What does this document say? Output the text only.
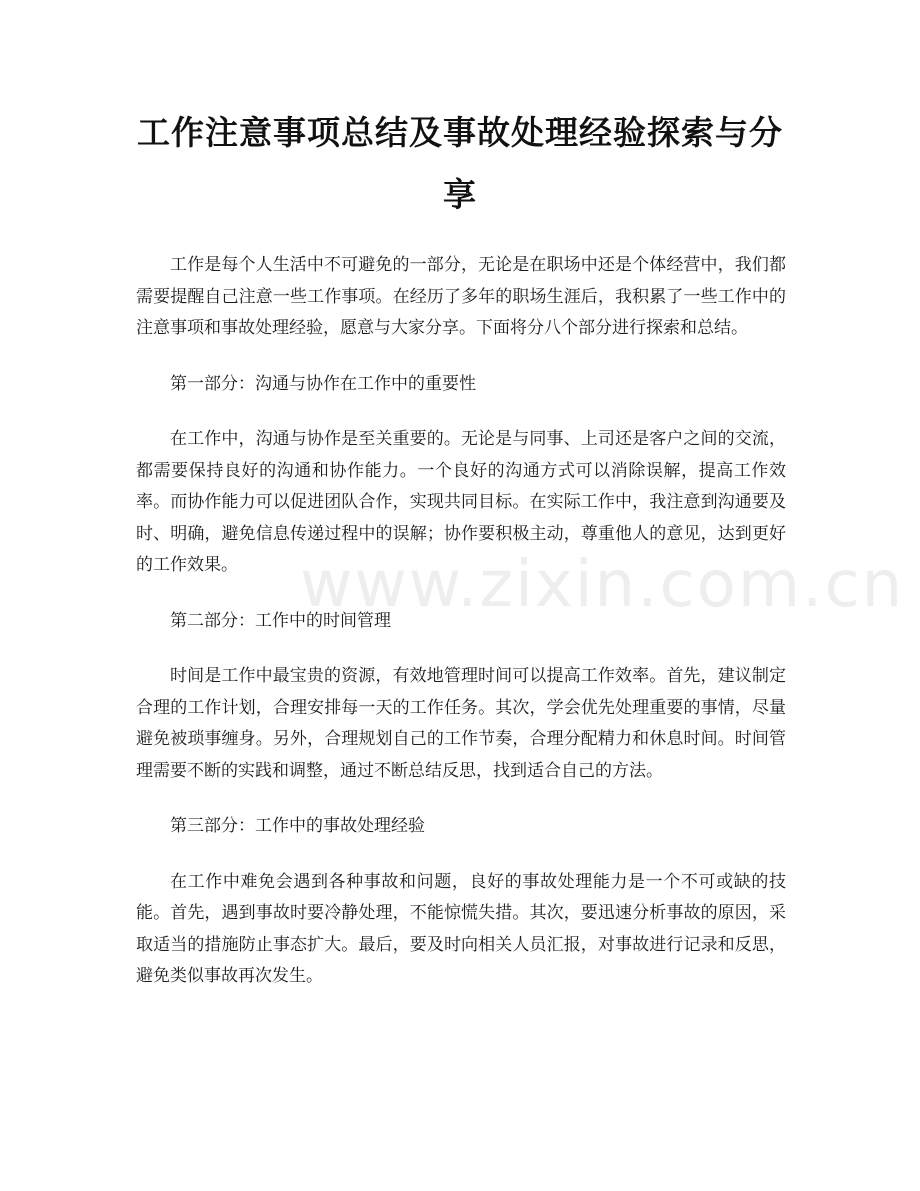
工作注意事项总结及事故处理经验探索与分享

工作是每个人生活中不可避免的一部分，无论是在职场中还是个体经营中，我们都需要提醒自己注意一些工作事项。在经历了多年的职场生涯后，我积累了一些工作中的注意事项和事故处理经验，愿意与大家分享。下面将分八个部分进行探索和总结。

第一部分：沟通与协作在工作中的重要性

在工作中，沟通与协作是至关重要的。无论是与同事、上司还是客户之间的交流，都需要保持良好的沟通和协作能力。一个良好的沟通方式可以消除误解，提高工作效率。而协作能力可以促进团队合作，实现共同目标。在实际工作中，我注意到沟通要及时、明确，避免信息传递过程中的误解；协作要积极主动，尊重他人的意见，达到更好的工作效果。

第二部分：工作中的时间管理

时间是工作中最宝贵的资源，有效地管理时间可以提高工作效率。首先，建议制定合理的工作计划，合理安排每一天的工作任务。其次，学会优先处理重要的事情，尽量避免被琐事缠身。另外，合理规划自己的工作节奏，合理分配精力和休息时间。时间管理需要不断的实践和调整，通过不断总结反思，找到适合自己的方法。

第三部分：工作中的事故处理经验

在工作中难免会遇到各种事故和问题，良好的事故处理能力是一个不可或缺的技能。首先，遇到事故时要冷静处理，不能惊慌失措。其次，要迅速分析事故的原因，采取适当的措施防止事态扩大。最后，要及时向相关人员汇报，对事故进行记录和反思，避免类似事故再次发生。

www.zixin.com.cn
